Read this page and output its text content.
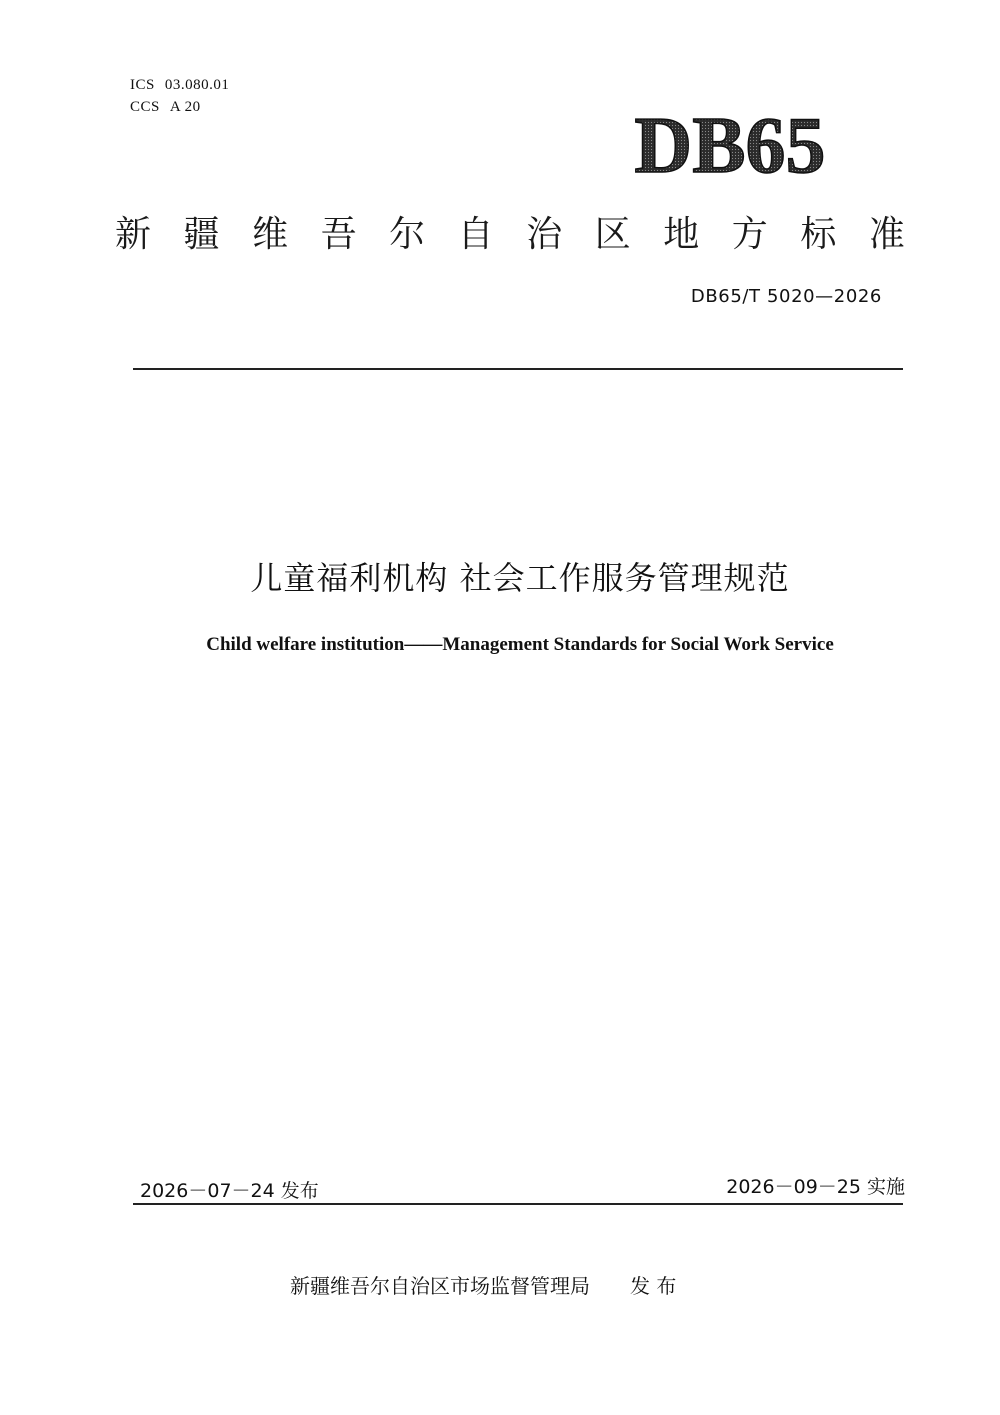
ICS 03.080.01
CCS A 20	DB65
新 疆 维 吾 尔 自 治 区 地 方 标 准
DB65/T 5020—2026
儿童福利机构 社会工作服务管理规范
Child welfare institution——Management Standards for Social Work Service
2026－07－24 发布	2026－09－25 实施
新疆维吾尔自治区市场监督管理局 发 布
